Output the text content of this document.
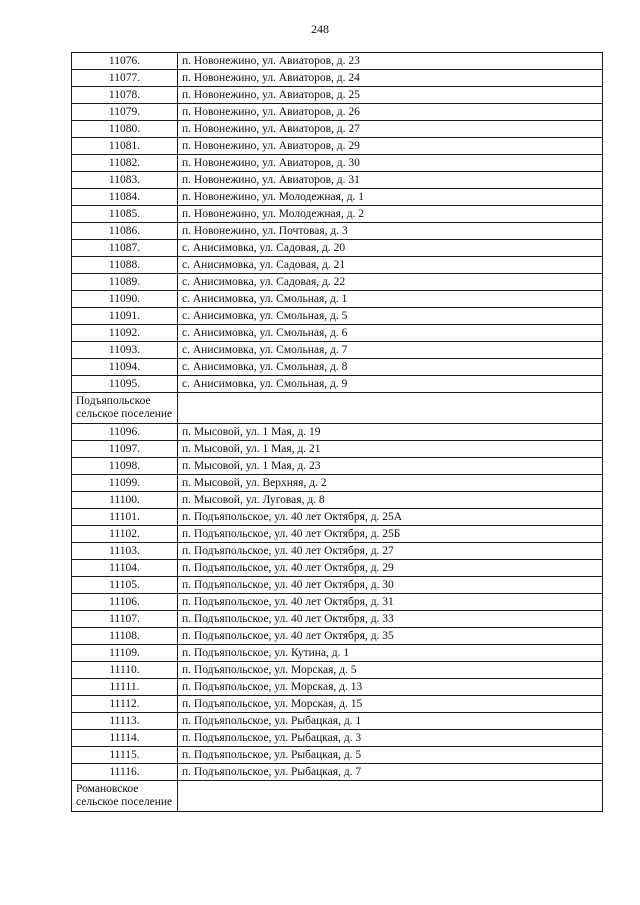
248
11076.	п. Новонежино, ул. Авиаторов, д. 23
11077.	п. Новонежино, ул. Авиаторов, д. 24
11078.	п. Новонежино, ул. Авиаторов, д. 25
11079.	п. Новонежино, ул. Авиаторов, д. 26
11080.	п. Новонежино, ул. Авиаторов, д. 27
11081.	п. Новонежино, ул. Авиаторов, д. 29
11082.	п. Новонежино, ул. Авиаторов, д. 30
11083.	п. Новонежино, ул. Авиаторов, д. 31
11084.	п. Новонежино, ул. Молодежная, д. 1
11085.	п. Новонежино, ул. Молодежная, д. 2
11086.	п. Новонежино, ул. Почтовая, д. 3
11087.	с. Анисимовка, ул. Садовая, д. 20
11088.	с. Анисимовка, ул. Садовая, д. 21
11089.	с. Анисимовка, ул. Садовая, д. 22
11090.	с. Анисимовка, ул. Смольная, д. 1
11091.	с. Анисимовка, ул. Смольная, д. 5
11092.	с. Анисимовка, ул. Смольная, д. 6
11093.	с. Анисимовка, ул. Смольная, д. 7
11094.	с. Анисимовка, ул. Смольная, д. 8
11095.	с. Анисимовка, ул. Смольная, д. 9
Подъяпольское сельское поселение	
11096.	п. Мысовой, ул. 1 Мая, д. 19
11097.	п. Мысовой, ул. 1 Мая, д. 21
11098.	п. Мысовой, ул. 1 Мая, д. 23
11099.	п. Мысовой, ул. Верхняя, д. 2
11100.	п. Мысовой, ул. Луговая, д. 8
11101.	п. Подъяпольское, ул. 40 лет Октября, д. 25А
11102.	п. Подъяпольское, ул. 40 лет Октября, д. 25Б
11103.	п. Подъяпольское, ул. 40 лет Октября, д. 27
11104.	п. Подъяпольское, ул. 40 лет Октября, д. 29
11105.	п. Подъяпольское, ул. 40 лет Октября, д. 30
11106.	п. Подъяпольское, ул. 40 лет Октября, д. 31
11107.	п. Подъяпольское, ул. 40 лет Октября, д. 33
11108.	п. Подъяпольское, ул. 40 лет Октября, д. 35
11109.	п. Подъяпольское, ул. Кутина, д. 1
11110.	п. Подъяпольское, ул. Морская, д. 5
11111.	п. Подъяпольское, ул. Морская, д. 13
11112.	п. Подъяпольское, ул. Морская, д. 15
11113.	п. Подъяпольское, ул. Рыбацкая, д. 1
11114.	п. Подъяпольское, ул. Рыбацкая, д. 3
11115.	п. Подъяпольское, ул. Рыбацкая, д. 5
11116.	п. Подъяпольское, ул. Рыбацкая, д. 7
Романовское сельское поселение	
